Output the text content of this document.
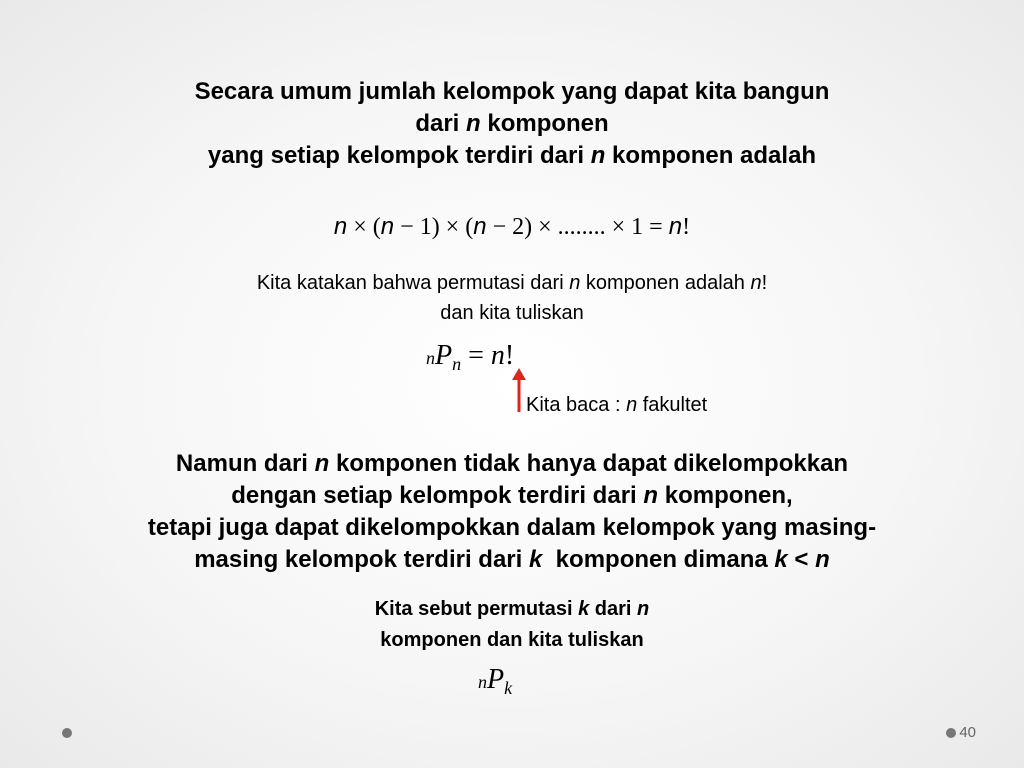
Secara umum jumlah kelompok yang dapat kita bangun
dari n komponen
yang setiap kelompok terdiri dari n komponen adalah
n × (n − 1) × (n − 2) × ........ × 1 = n!
Kita katakan bahwa permutasi dari n komponen adalah n!
dan kita tuliskan
$nP_n = n$!
Kita baca : n fakultet
Namun dari n komponen tidak hanya dapat dikelompokkan
dengan setiap kelompok terdiri dari n komponen,
tetapi juga dapat dikelompokkan dalam kelompok yang masing-
masing kelompok terdiri dari k  komponen dimana k < n
Kita sebut permutasi k dari n
komponen dan kita tuliskan
$nP_k$
40
